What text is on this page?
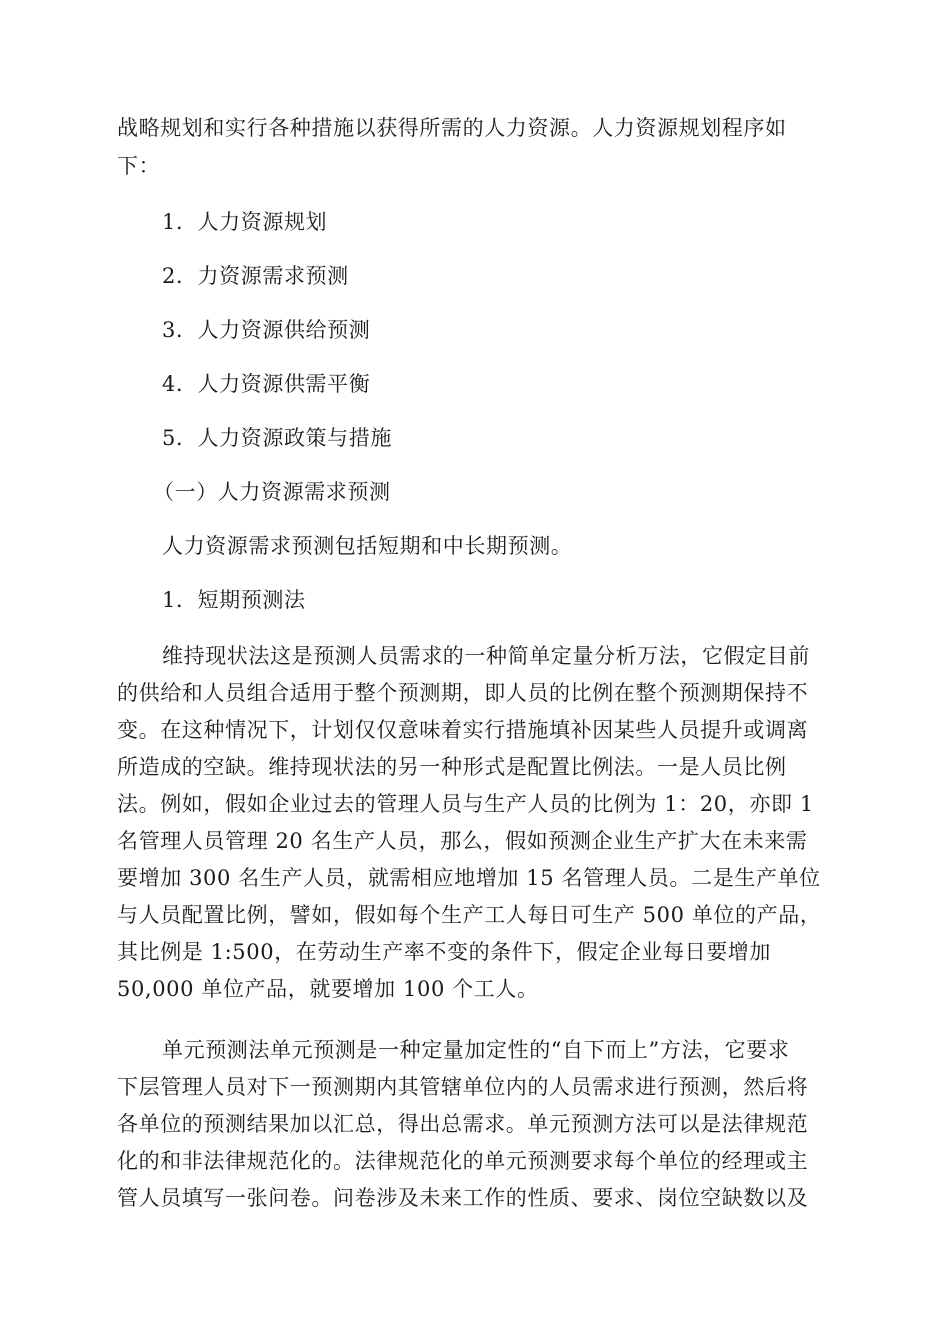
战略规划和实行各种措施以获得所需的人力资源。人力资源规划程序如
下：
1．人力资源规划
2．力资源需求预测
3．人力资源供给预测
4．人力资源供需平衡
5．人力资源政策与措施
（一）人力资源需求预测
人力资源需求预测包括短期和中长期预测。
1．短期预测法
维持现状法这是预测人员需求的一种简单定量分析万法，它假定目前
的供给和人员组合适用于整个预测期，即人员的比例在整个预测期保持不
变。在这种情况下，计划仅仅意味着实行措施填补因某些人员提升或调离
所造成的空缺。维持现状法的另一种形式是配置比例法。一是人员比例
法。例如，假如企业过去的管理人员与生产人员的比例为 1：20，亦即 1
名管理人员管理 20 名生产人员，那么，假如预测企业生产扩大在未来需
要增加 300 名生产人员，就需相应地增加 15 名管理人员。二是生产单位
与人员配置比例，譬如，假如每个生产工人每日可生产 500 单位的产品，
其比例是 1:500，在劳动生产率不变的条件下，假定企业每日要增加
50,000 单位产品，就要增加 100 个工人。
单元预测法单元预测是一种定量加定性的“自下而上”方法，它要求
下层管理人员对下一预测期内其管辖单位内的人员需求进行预测，然后将
各单位的预测结果加以汇总，得出总需求。单元预测方法可以是法律规范
化的和非法律规范化的。法律规范化的单元预测要求每个单位的经理或主
管人员填写一张问卷。问卷涉及未来工作的性质、要求、岗位空缺数以及
